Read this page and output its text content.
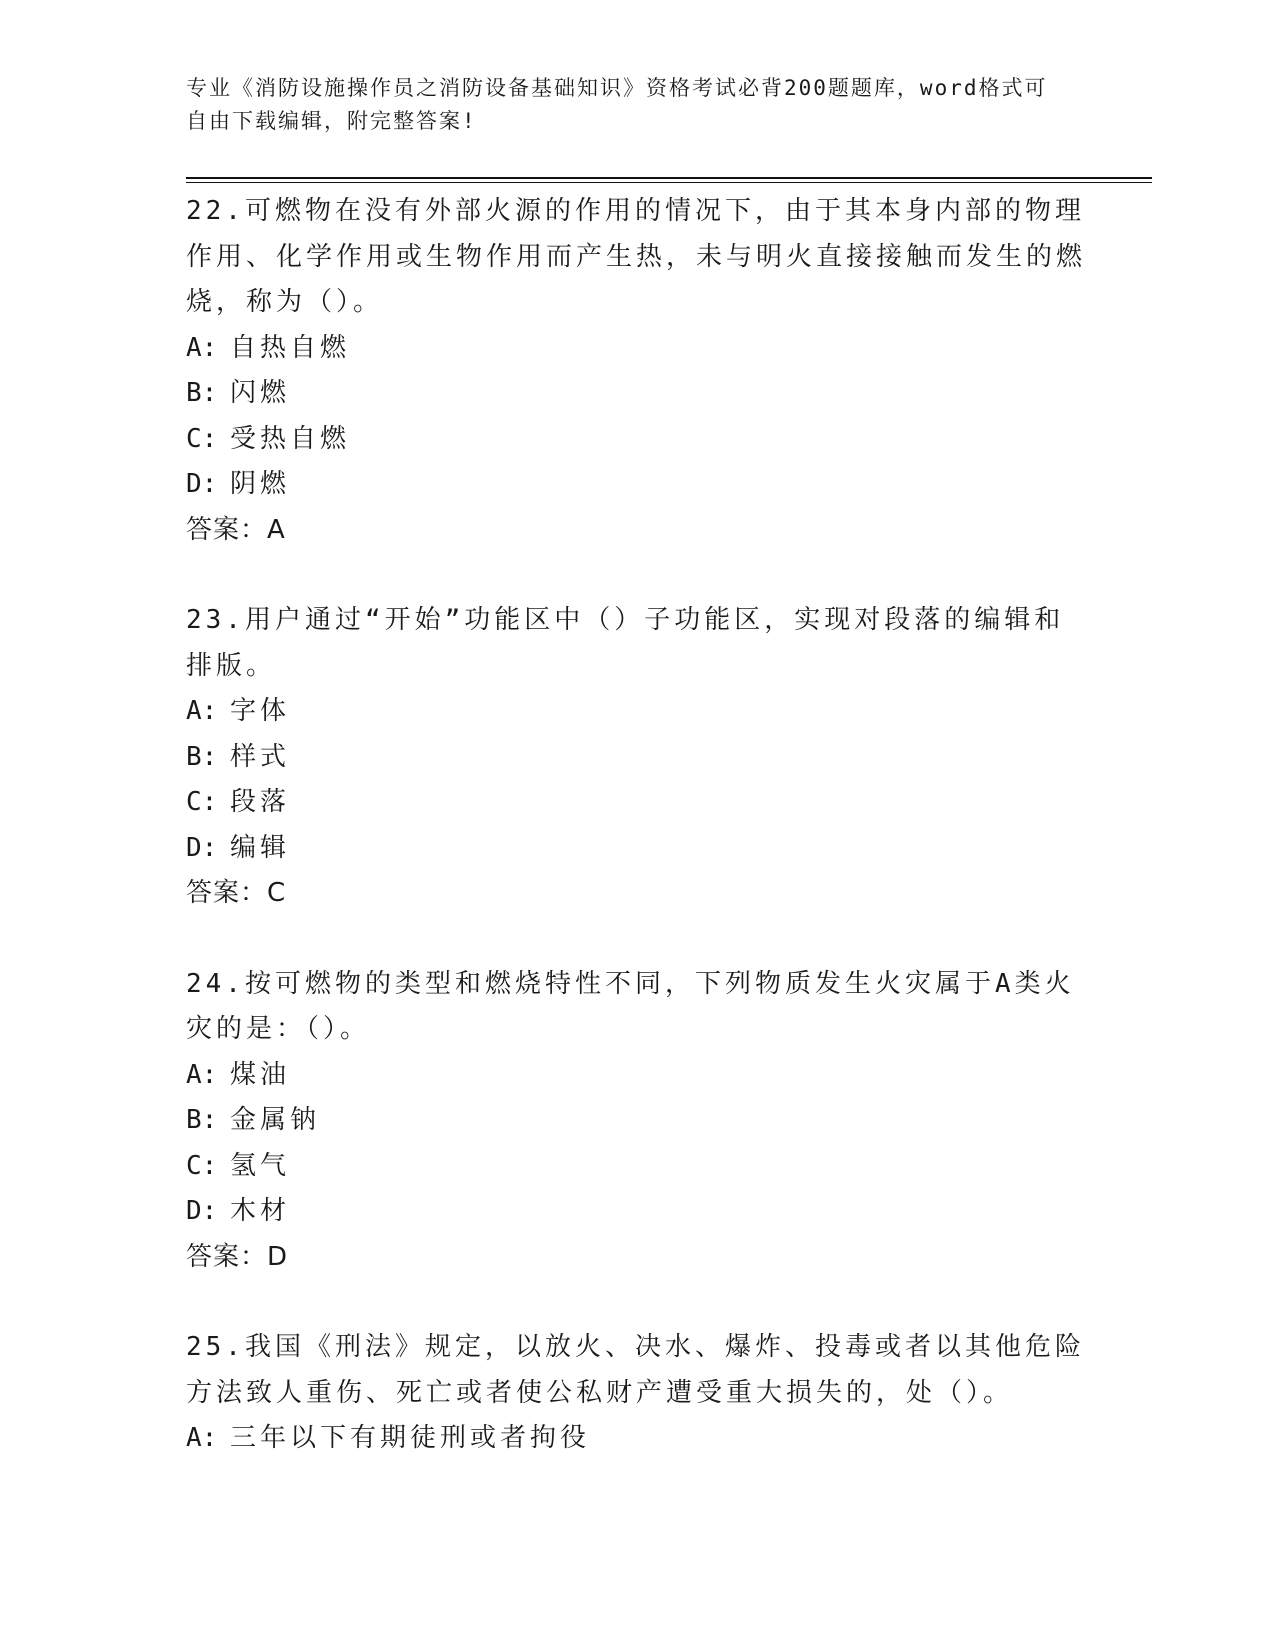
专业《消防设施操作员之消防设备基础知识》资格考试必背200题题库，word格式可自由下载编辑，附完整答案!
22.可燃物在没有外部火源的作用的情况下，由于其本身内部的物理作用、化学作用或生物作用而产生热，未与明火直接接触而发生的燃烧，称为（）。
A: 自热自燃
B: 闪燃
C: 受热自燃
D: 阴燃
答案：A
23.用户通过“开始”功能区中（）子功能区，实现对段落的编辑和排版。
A: 字体
B: 样式
C: 段落
D: 编辑
答案：C
24.按可燃物的类型和燃烧特性不同，下列物质发生火灾属于A类火灾的是：（）。
A: 煤油
B: 金属钠
C: 氢气
D: 木材
答案：D
25.我国《刑法》规定，以放火、决水、爆炸、投毒或者以其他危险方法致人重伤、死亡或者使公私财产遭受重大损失的，处（）。
A: 三年以下有期徒刑或者拘役
